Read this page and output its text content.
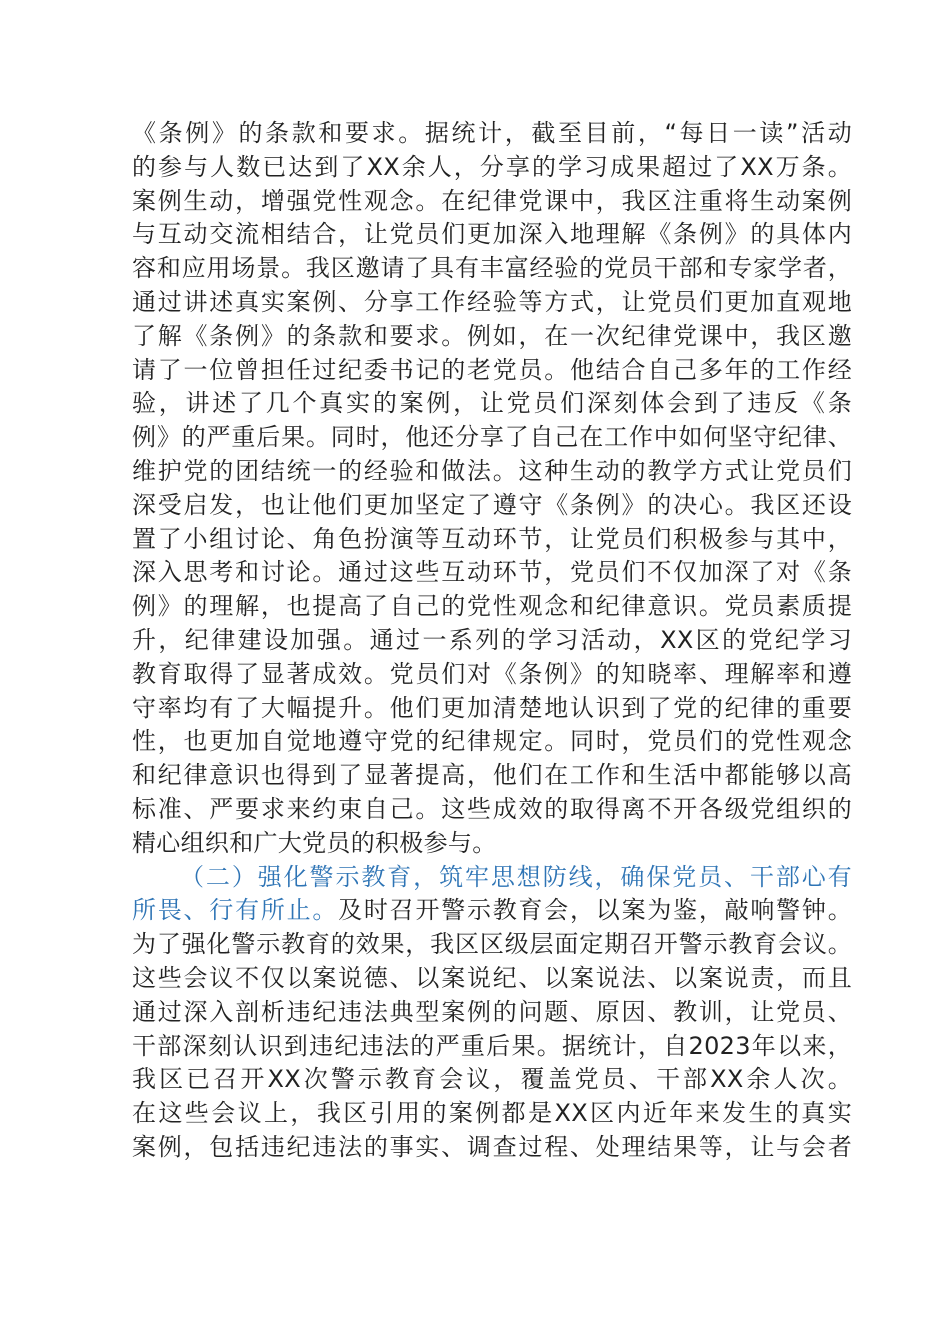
《条例》的条款和要求。据统计，截至目前，“每日一读”活动
的参与人数已达到了XX余人，分享的学习成果超过了XX万条。
案例生动，增强党性观念。在纪律党课中，我区注重将生动案例
与互动交流相结合，让党员们更加深入地理解《条例》的具体内
容和应用场景。我区邀请了具有丰富经验的党员干部和专家学者，
通过讲述真实案例、分享工作经验等方式，让党员们更加直观地
了解《条例》的条款和要求。例如，在一次纪律党课中，我区邀
请了一位曾担任过纪委书记的老党员。他结合自己多年的工作经
验，讲述了几个真实的案例，让党员们深刻体会到了违反《条
例》的严重后果。同时，他还分享了自己在工作中如何坚守纪律、
维护党的团结统一的经验和做法。这种生动的教学方式让党员们
深受启发，也让他们更加坚定了遵守《条例》的决心。我区还设
置了小组讨论、角色扮演等互动环节，让党员们积极参与其中，
深入思考和讨论。通过这些互动环节，党员们不仅加深了对《条
例》的理解，也提高了自己的党性观念和纪律意识。党员素质提
升，纪律建设加强。通过一系列的学习活动，XX区的党纪学习
教育取得了显著成效。党员们对《条例》的知晓率、理解率和遵
守率均有了大幅提升。他们更加清楚地认识到了党的纪律的重要
性，也更加自觉地遵守党的纪律规定。同时，党员们的党性观念
和纪律意识也得到了显著提高，他们在工作和生活中都能够以高
标准、严要求来约束自己。这些成效的取得离不开各级党组织的
精心组织和广大党员的积极参与。
（二）强化警示教育，筑牢思想防线，确保党员、干部心有
所畏、行有所止。及时召开警示教育会，以案为鉴，敲响警钟。
为了强化警示教育的效果，我区区级层面定期召开警示教育会议。
这些会议不仅以案说德、以案说纪、以案说法、以案说责，而且
通过深入剖析违纪违法典型案例的问题、原因、教训，让党员、
干部深刻认识到违纪违法的严重后果。据统计，自2023年以来，
我区已召开XX次警示教育会议，覆盖党员、干部XX余人次。
在这些会议上，我区引用的案例都是XX区内近年来发生的真实
案例，包括违纪违法的事实、调查过程、处理结果等，让与会者
